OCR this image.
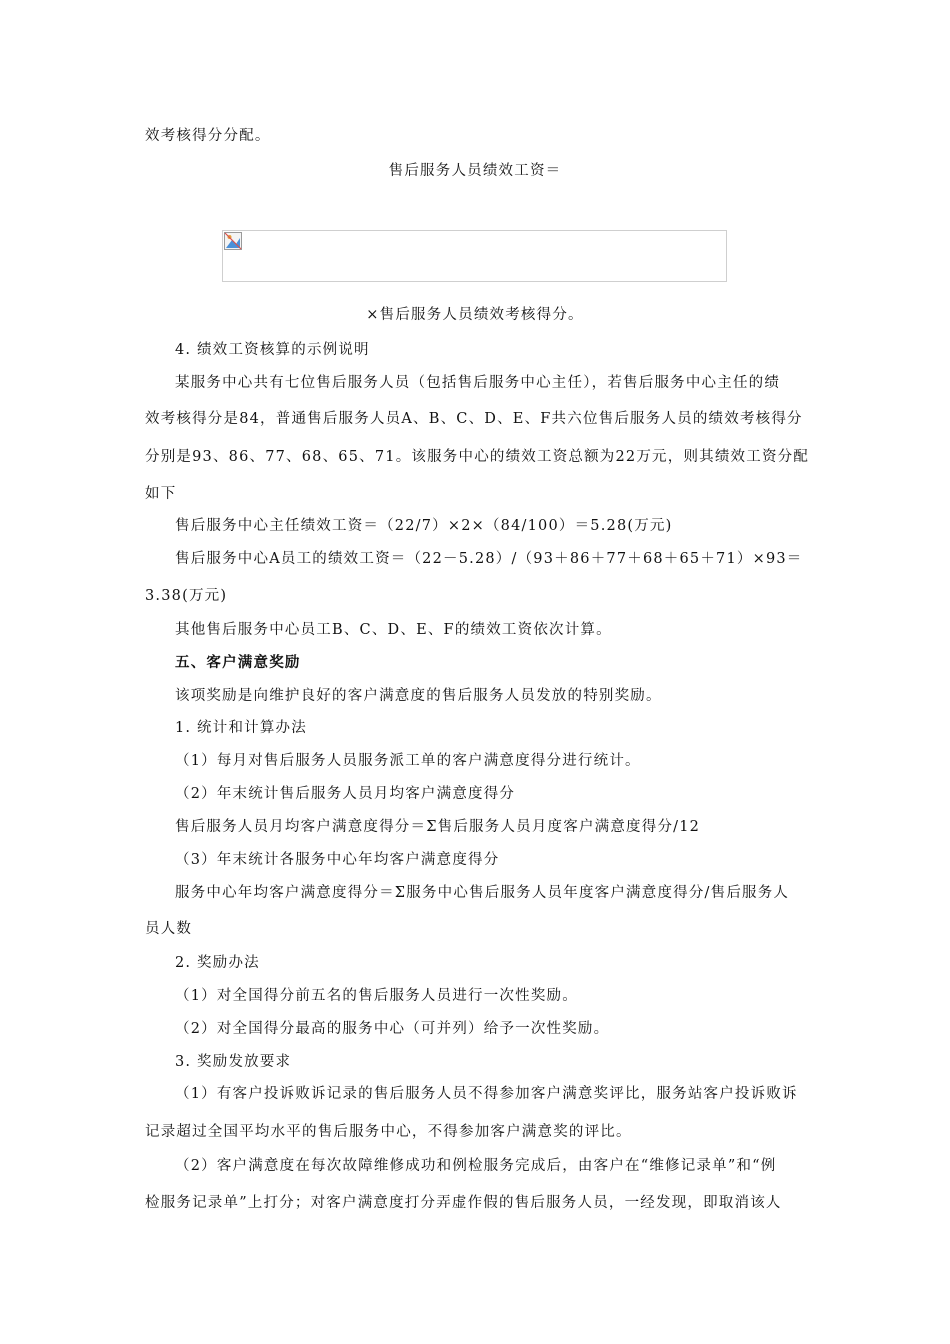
效考核得分分配。
售后服务人员绩效工资＝
×售后服务人员绩效考核得分。
4. 绩效工资核算的示例说明
某服务中心共有七位售后服务人员（包括售后服务中心主任），若售后服务中心主任的绩
效考核得分是84，普通售后服务人员A、B、C、D、E、F共六位售后服务人员的绩效考核得分
分别是93、86、77、68、65、71。该服务中心的绩效工资总额为22万元，则其绩效工资分配
如下
售后服务中心主任绩效工资＝（22/7）×2×（84/100）＝5.28(万元)
售后服务中心A员工的绩效工资＝（22－5.28）/（93＋86＋77＋68＋65＋71）×93＝
3.38(万元)
其他售后服务中心员工B、C、D、E、F的绩效工资依次计算。
五、客户满意奖励
该项奖励是向维护良好的客户满意度的售后服务人员发放的特别奖励。
1. 统计和计算办法
（1）每月对售后服务人员服务派工单的客户满意度得分进行统计。
（2）年末统计售后服务人员月均客户满意度得分
售后服务人员月均客户满意度得分＝Σ售后服务人员月度客户满意度得分/12
（3）年末统计各服务中心年均客户满意度得分
服务中心年均客户满意度得分＝Σ服务中心售后服务人员年度客户满意度得分/售后服务人
员人数
2. 奖励办法
（1）对全国得分前五名的售后服务人员进行一次性奖励。
（2）对全国得分最高的服务中心（可并列）给予一次性奖励。
3. 奖励发放要求
（1）有客户投诉败诉记录的售后服务人员不得参加客户满意奖评比，服务站客户投诉败诉
记录超过全国平均水平的售后服务中心，不得参加客户满意奖的评比。
（2）客户满意度在每次故障维修成功和例检服务完成后，由客户在“维修记录单”和“例
检服务记录单”上打分；对客户满意度打分弄虚作假的售后服务人员，一经发现，即取消该人
